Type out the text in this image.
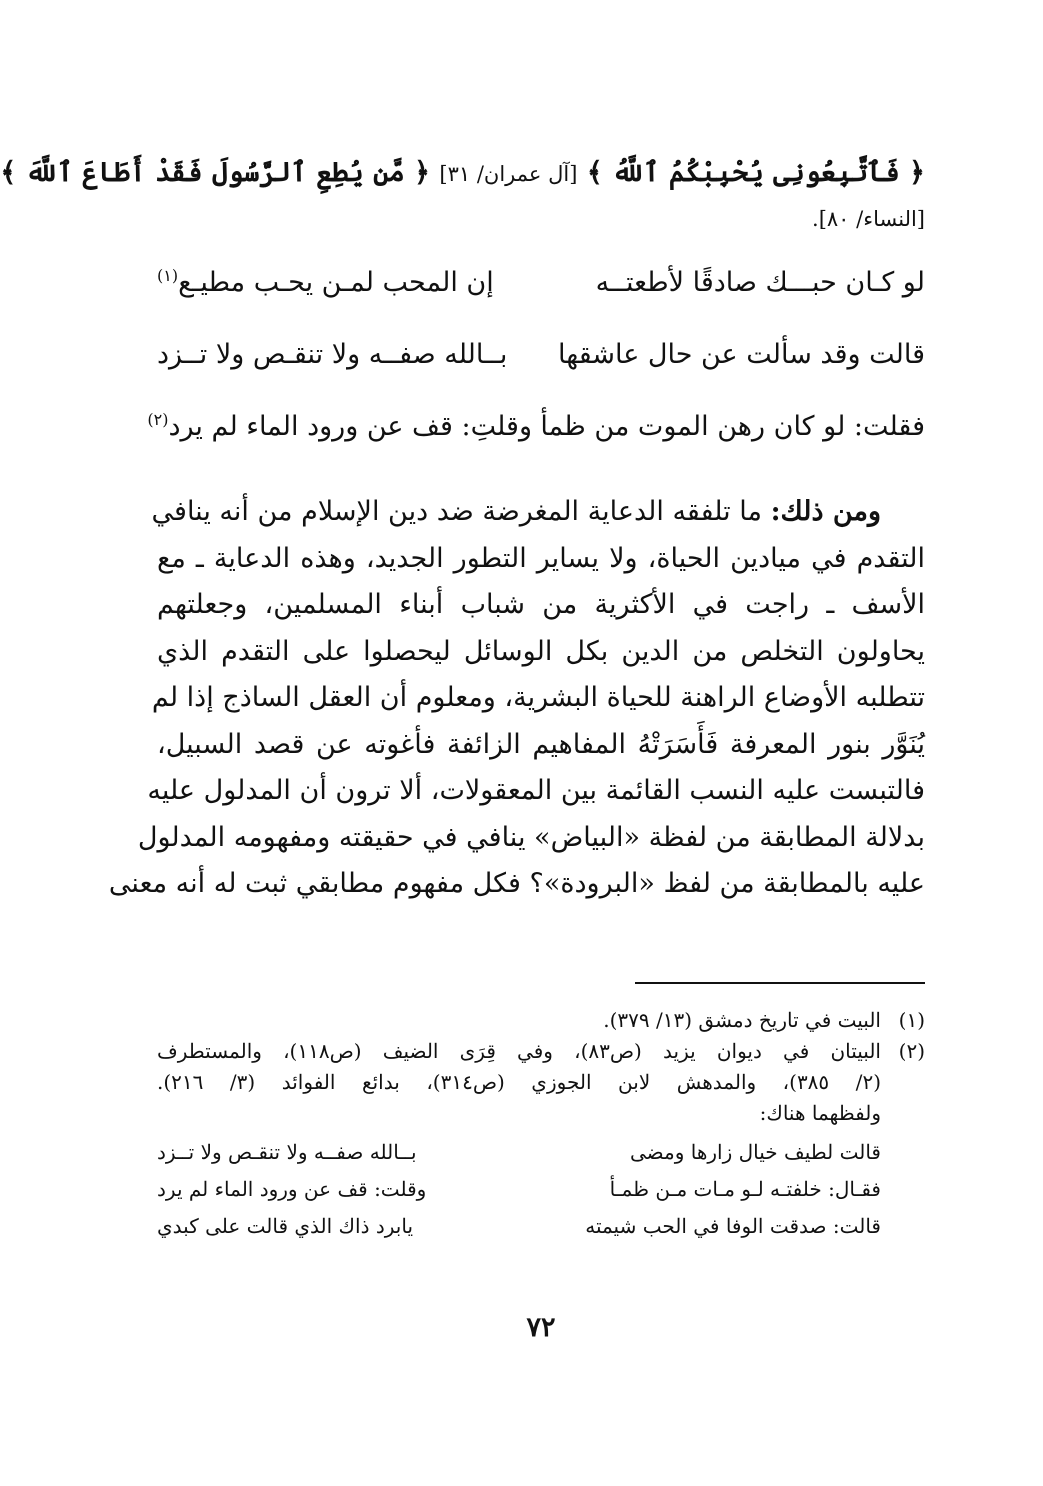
﴿ فَٱتَّبِعُونِى يُحْبِبْكُمُ ٱللَّهُ ﴾ [آل عمران/ ٣١] ﴿ مَّن يُطِعِ ٱلرَّسُولَ فَقَدْ أَطَاعَ ٱللَّهَ ﴾
[النساء/ ٨٠].
لو كـان حبـــك صادقًا لأطعتــه
إن المحب لمـن يحـب مطيـع$^{(١)}$
قالت وقد سألت عن حال عاشقها
بــالله صفــه ولا تنقـص ولا تــزد
فقلت: لو كان رهن الموت من ظمأ
وقلتِ: قف عن ورود الماء لم يرد$^{(٢)}$
ومن ذلك: ما تلفقه الدعاية المغرضة ضد دين الإسلام من أنه ينافي
التقدم في ميادين الحياة، ولا يساير التطور الجديد، وهذه الدعاية ـ مع
الأسف ـ راجت في الأكثرية من شباب أبناء المسلمين، وجعلتهم
يحاولون التخلص من الدين بكل الوسائل ليحصلوا على التقدم الذي
تتطلبه الأوضاع الراهنة للحياة البشرية، ومعلوم أن العقل الساذج إذا لم
يُنَوَّر بنور المعرفة فَأَسَرَتْهُ المفاهيم الزائفة فأغوته عن قصد السبيل،
فالتبست عليه النسب القائمة بين المعقولات، ألا ترون أن المدلول عليه
بدلالة المطابقة من لفظة «البياض» ينافي في حقيقته ومفهومه المدلول
عليه بالمطابقة من لفظ «البرودة»؟ فكل مفهوم مطابقي ثبت له أنه معنى
(١)
البيت في تاريخ دمشق (١٣/ ٣٧٩).
(٢)
البيتان في ديوان يزيد (ص٨٣)، وفي قِرَى الضيف (ص١١٨)، والمستطرف
(٢/ ٣٨٥)، والمدهش لابن الجوزي (ص٣١٤)، بدائع الفوائد (٣/ ٢١٦).
ولفظهما هناك:
قالت لطيف خيال زارها ومضى
بــالله صفــه ولا تنقـص ولا تــزد
فقـال: خلفتـه لـو مـات مـن ظمـأ
وقلت: قف عن ورود الماء لم يرد
قالت: صدقت الوفا في الحب شيمته
يابرد ذاك الذي قالت على كبدي
٧٢
